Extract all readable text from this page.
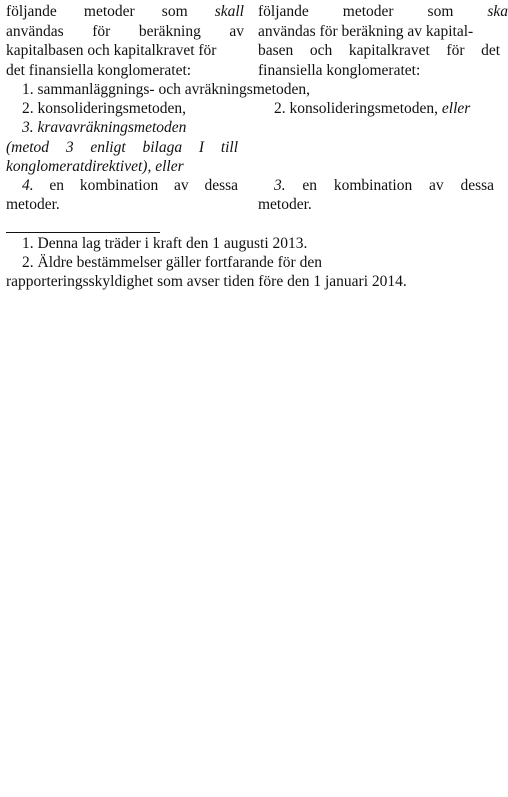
följande metoder som skall
användas för beräkning av
kapitalbasen och kapitalkravet för
det finansiella konglomeratet:
följande metoder som ska
användas för beräkning av kapital-
basen och kapitalkravet för det
finansiella konglomeratet:
1. sammanläggnings- och avräkningsmetoden,
2. konsolideringsmetoden,	2. konsolideringsmetoden, eller
3. kravavräkningsmetoden
(metod 3 enligt bilaga I till
konglomeratdirektivet), eller
4. en kombination av dessa
metoder.
3. en kombination av dessa
metoder.
1. Denna lag träder i kraft den 1 augusti 2013.
2. Äldre bestämmelser gäller fortfarande för den
rapporteringsskyldighet som avser tiden före den 1 januari 2014.
